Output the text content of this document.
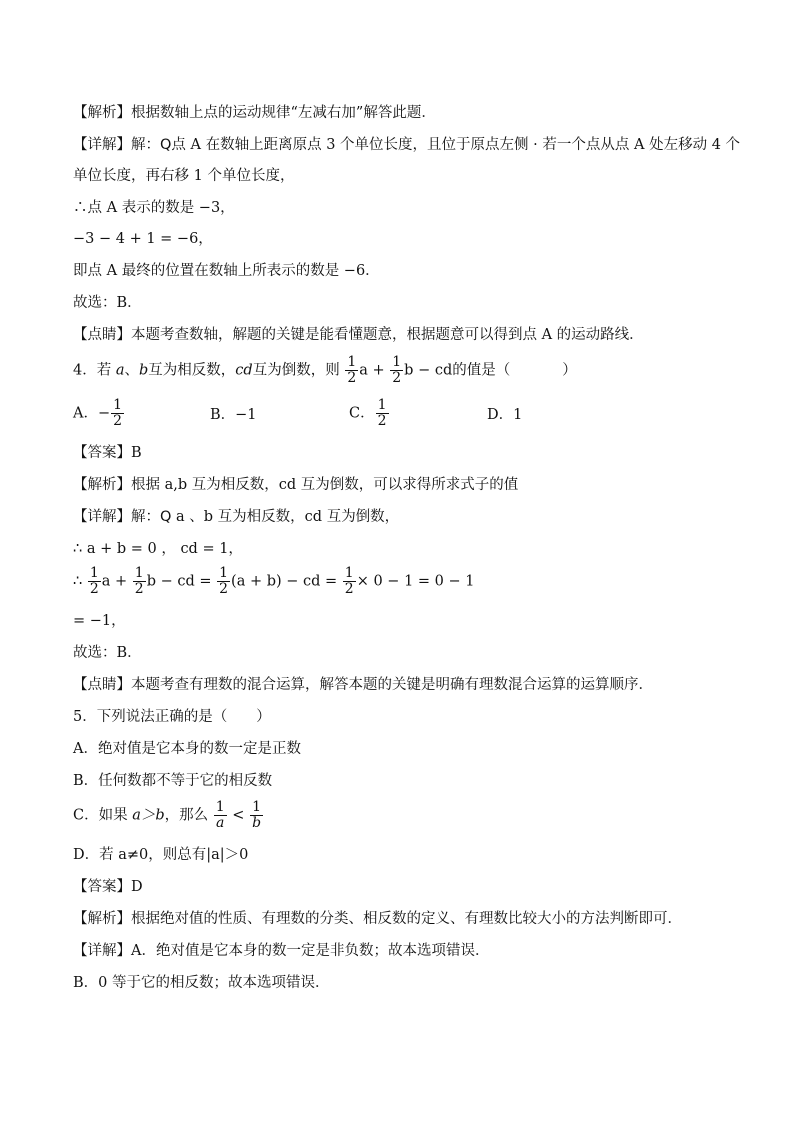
【解析】根据数轴上点的运动规律“左减右加”解答此题．
【详解】解：Q点 A 在数轴上距离原点 3 个单位长度，且位于原点左侧 · 若一个点从点 A 处左移动 4 个
单位长度，再右移 1 个单位长度，
∴点 A 表示的数是 −3，
−3 − 4 + 1 = −6，
即点 A 最终的位置在数轴上所表示的数是 −6．
故选：B．
【点睛】本题考查数轴，解题的关键是能看懂题意，根据题意可以得到点 A 的运动路线．
4．若 a、b互为相反数，cd互为倒数，则 $\frac{1}{2}$ $a + \frac{1}{2}$ b − cd的值是（	）
A．− $\frac{1}{2}$	B．−1	C． $\frac{1}{2}$	D．1
【答案】B
【解析】根据 a,b 互为相反数，cd 互为倒数，可以求得所求式子的值
【详解】解：Q a 、b 互为相反数，cd 互为倒数，
∴ a + b = 0 ， cd = 1，
∴ $\frac{1}{2}$ $a + \frac{1}{2}$ b − cd = $\frac{1}{2} (a + b)$ − cd = $\frac{1}{2} \times 0 - 1 = 0 - 1$
= −1，
故选：B．
【点睛】本题考查有理数的混合运算，解答本题的关键是明确有理数混合运算的运算顺序．
5．下列说法正确的是（　　）
A．绝对值是它本身的数一定是正数
B．任何数都不等于它的相反数
C．如果 a＞b，那么 $\frac{1}{a} < \frac{1}{b}$
D．若 a≠0，则总有|a|＞0
【答案】D
【解析】根据绝对值的性质、有理数的分类、相反数的定义、有理数比较大小的方法判断即可．
【详解】A．绝对值是它本身的数一定是非负数；故本选项错误．
B．0 等于它的相反数；故本选项错误．
